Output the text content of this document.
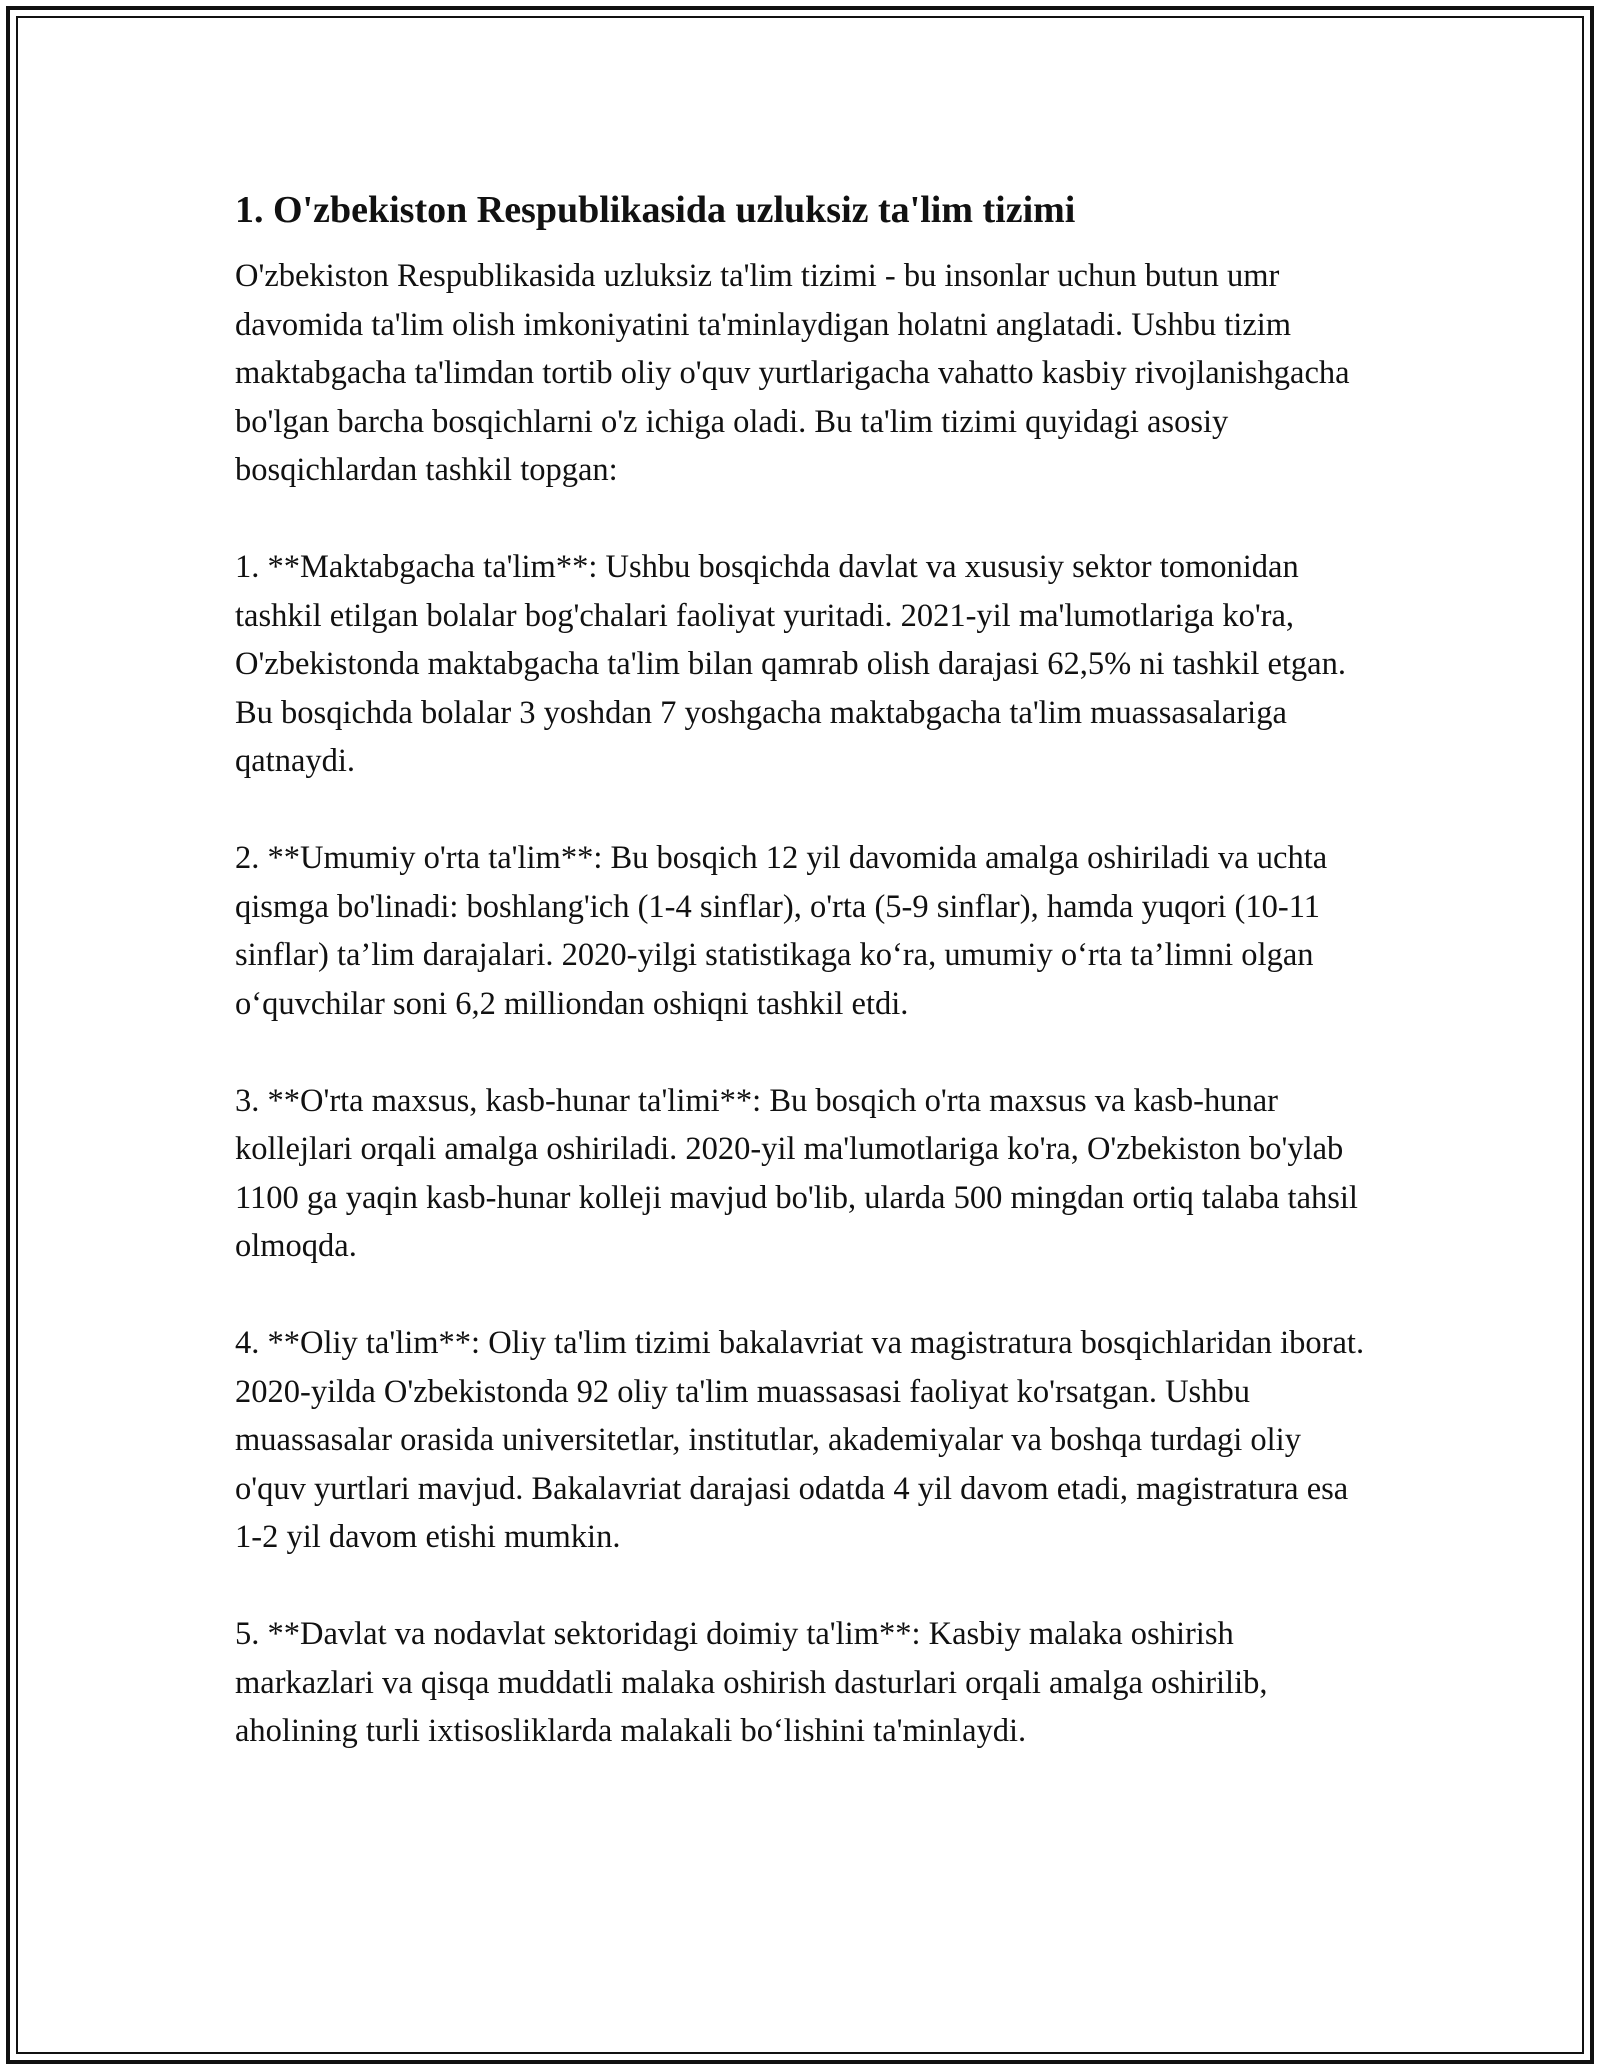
1. O'zbekiston Respublikasida uzluksiz ta'lim tizimi

O'zbekiston Respublikasida uzluksiz ta'lim tizimi - bu insonlar uchun butun umr davomida ta'lim olish imkoniyatini ta'minlaydigan holatni anglatadi. Ushbu tizim maktabgacha ta'limdan tortib oliy o'quv yurtlarigacha vahatto kasbiy rivojlanishgacha bo'lgan barcha bosqichlarni o'z ichiga oladi. Bu ta'lim tizimi quyidagi asosiy bosqichlardan tashkil topgan:

1. **Maktabgacha ta'lim**: Ushbu bosqichda davlat va xususiy sektor tomonidan tashkil etilgan bolalar bog'chalari faoliyat yuritadi. 2021-yil ma'lumotlariga ko'ra, O'zbekistonda maktabgacha ta'lim bilan qamrab olish darajasi 62,5% ni tashkil etgan. Bu bosqichda bolalar 3 yoshdan 7 yoshgacha maktabgacha ta'lim muassasalariga qatnaydi.

2. **Umumiy o'rta ta'lim**: Bu bosqich 12 yil davomida amalga oshiriladi va uchta qismga bo'linadi: boshlang'ich (1-4 sinflar), o'rta (5-9 sinflar), hamda yuqori (10-11 sinflar) ta’lim darajalari. 2020-yilgi statistikaga ko‘ra, umumiy o‘rta ta’limni olgan o‘quvchilar soni 6,2 milliondan oshiqni tashkil etdi.

3. **O'rta maxsus, kasb-hunar ta'limi**: Bu bosqich o'rta maxsus va kasb-hunar kollejlari orqali amalga oshiriladi. 2020-yil ma'lumotlariga ko'ra, O'zbekiston bo'ylab 1100 ga yaqin kasb-hunar kolleji mavjud bo'lib, ularda 500 mingdan ortiq talaba tahsil olmoqda.

4. **Oliy ta'lim**: Oliy ta'lim tizimi bakalavriat va magistratura bosqichlaridan iborat. 2020-yilda O'zbekistonda 92 oliy ta'lim muassasasi faoliyat ko'rsatgan. Ushbu muassasalar orasida universitetlar, institutlar, akademiyalar va boshqa turdagi oliy o'quv yurtlari mavjud. Bakalavriat darajasi odatda 4 yil davom etadi, magistratura esa 1-2 yil davom etishi mumkin.

5. **Davlat va nodavlat sektoridagi doimiy ta'lim**: Kasbiy malaka oshirish markazlari va qisqa muddatli malaka oshirish dasturlari orqali amalga oshirilib, aholining turli ixtisosliklarda malakali bo‘lishini ta'minlaydi.
